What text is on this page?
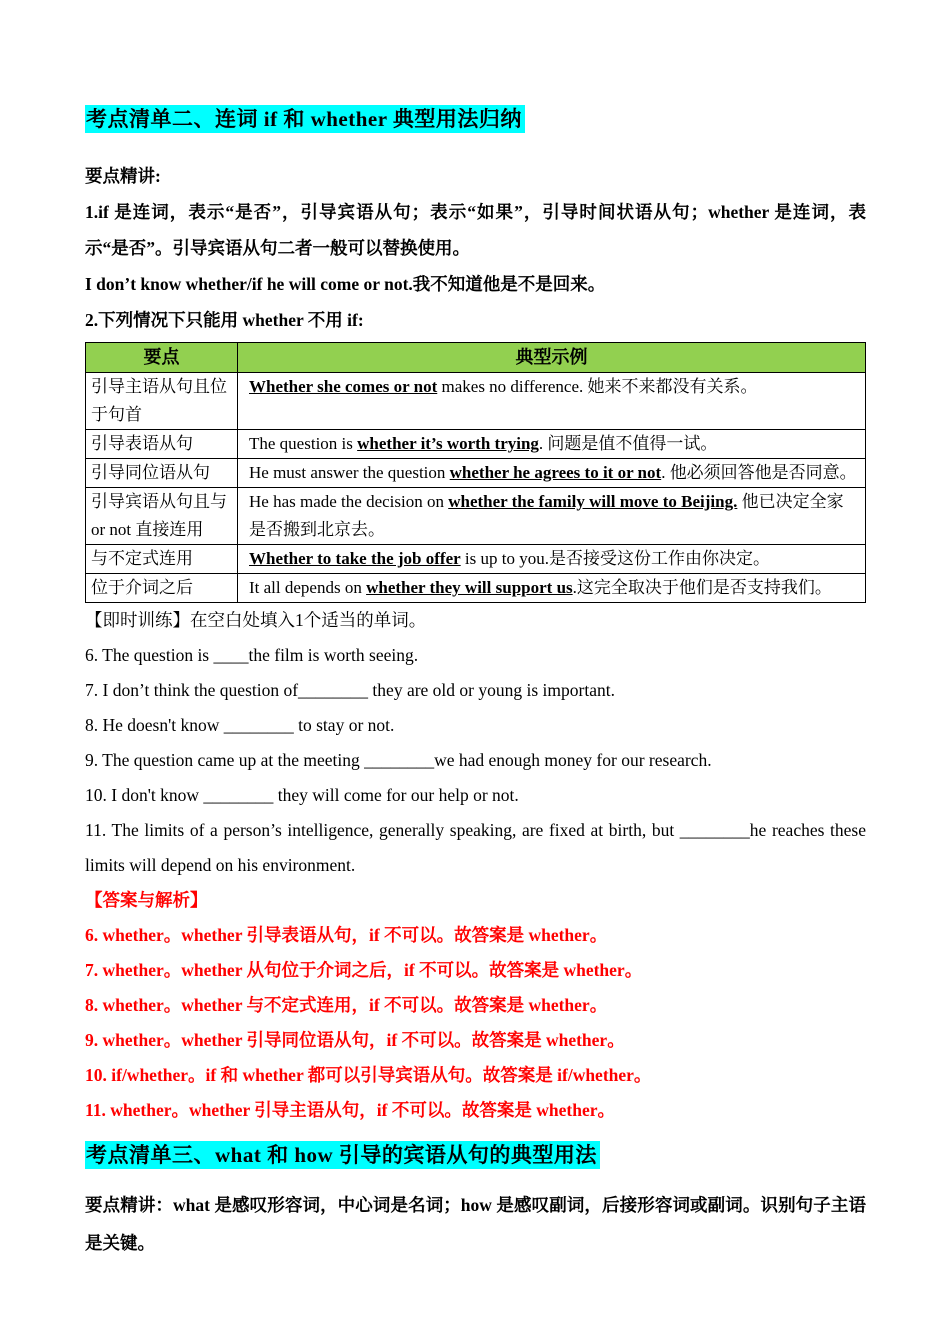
考点清单二、连词 if 和 whether 典型用法归纳

要点精讲:

1.if 是连词，表示“是否”，引导宾语从句；表示“如果”，引导时间状语从句；whether 是连词，表示“是否”。引导宾语从句二者一般可以替换使用。

I don’t know whether/if he will come or not.我不知道他是不是回来。

2.下列情况下只能用 whether 不用 if:

要点	典型示例
引导主语从句且位于句首	Whether she comes or not makes no difference. 她来不来都没有关系。
引导表语从句	The question is whether it’s worth trying. 问题是值不值得一试。
引导同位语从句	He must answer the question whether he agrees to it or not. 他必须回答他是否同意。
引导宾语从句且与 or not 直接连用	He has made the decision on whether the family will move to Beijing. 他已决定全家是否搬到北京去。
与不定式连用	Whether to take the job offer is up to you.是否接受这份工作由你决定。
位于介词之后	It all depends on whether they will support us.这完全取决于他们是否支持我们。

【即时训练】在空白处填入1个适当的单词。

6. The question is ____the film is worth seeing.

7. I don’t think the question of________ they are old or young is important.

8. He doesn't know ________ to stay or not.

9. The question came up at the meeting ________we had enough money for our research.

10. I don't know ________ they will come for our help or not.

11. The limits of a person’s intelligence, generally speaking, are fixed at birth, but ________he reaches these limits will depend on his environment.

【答案与解析】

6. whether。whether 引导表语从句，if 不可以。故答案是 whether。

7. whether。whether 从句位于介词之后，if 不可以。故答案是 whether。

8. whether。whether 与不定式连用，if 不可以。故答案是 whether。

9. whether。whether 引导同位语从句，if 不可以。故答案是 whether。

10. if/whether。if 和 whether 都可以引导宾语从句。故答案是 if/whether。

11. whether。whether 引导主语从句，if 不可以。故答案是 whether。

考点清单三、what 和 how 引导的宾语从句的典型用法

要点精讲：what 是感叹形容词，中心词是名词；how 是感叹副词，后接形容词或副词。识别句子主语是关键。
